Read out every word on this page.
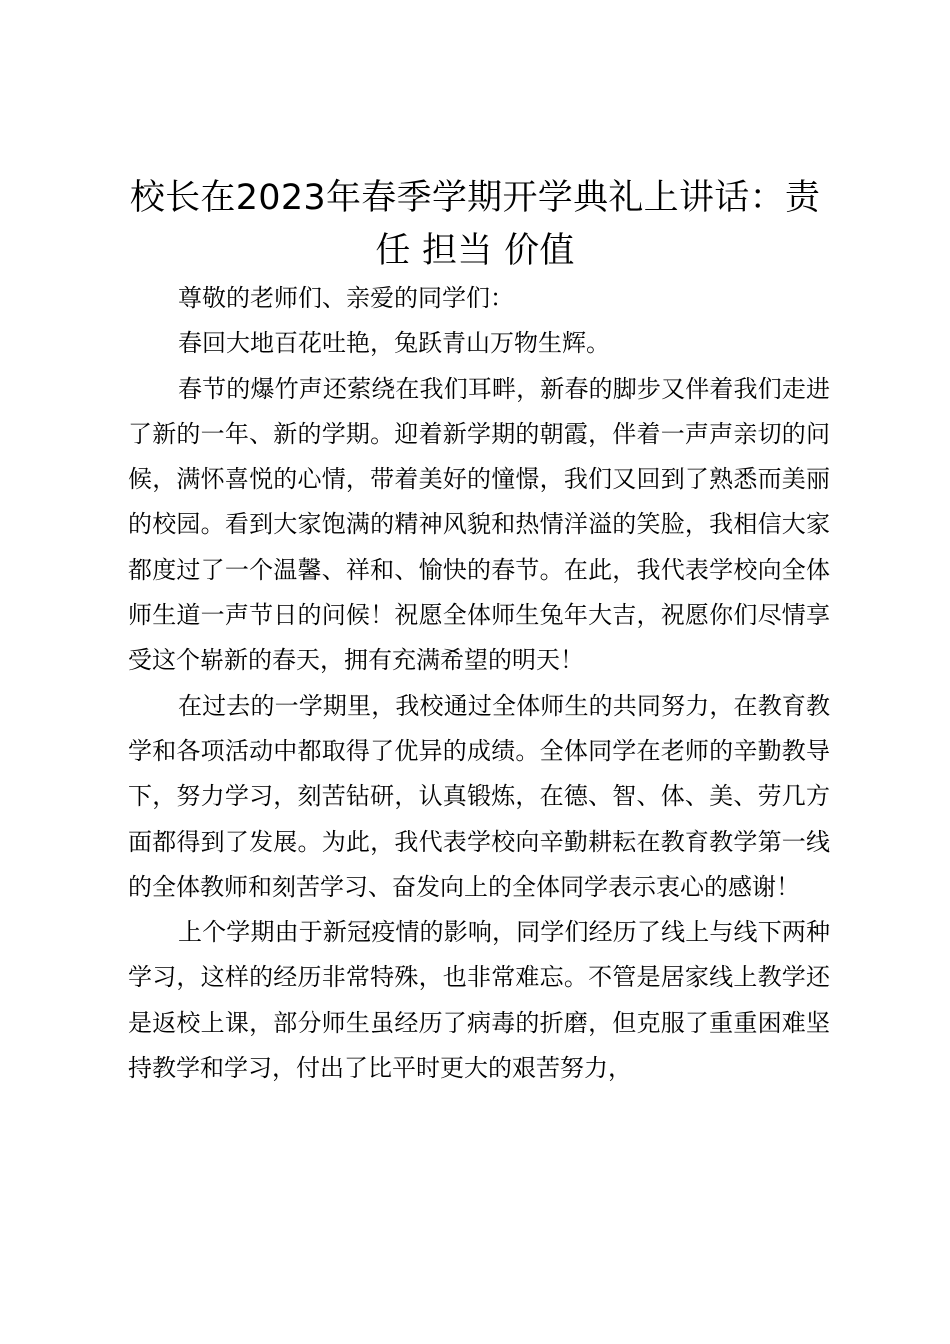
校长在2023年春季学期开学典礼上讲话：责任 担当 价值

尊敬的老师们、亲爱的同学们：

春回大地百花吐艳，兔跃青山万物生辉。

春节的爆竹声还萦绕在我们耳畔，新春的脚步又伴着我们走进了新的一年、新的学期。迎着新学期的朝霞，伴着一声声亲切的问候，满怀喜悦的心情，带着美好的憧憬，我们又回到了熟悉而美丽的校园。看到大家饱满的精神风貌和热情洋溢的笑脸，我相信大家都度过了一个温馨、祥和、愉快的春节。在此，我代表学校向全体师生道一声节日的问候！祝愿全体师生兔年大吉，祝愿你们尽情享受这个崭新的春天，拥有充满希望的明天！

在过去的一学期里，我校通过全体师生的共同努力，在教育教学和各项活动中都取得了优异的成绩。全体同学在老师的辛勤教导下，努力学习，刻苦钻研，认真锻炼，在德、智、体、美、劳几方面都得到了发展。为此，我代表学校向辛勤耕耘在教育教学第一线的全体教师和刻苦学习、奋发向上的全体同学表示衷心的感谢！

上个学期由于新冠疫情的影响，同学们经历了线上与线下两种学习，这样的经历非常特殊，也非常难忘。不管是居家线上教学还是返校上课，部分师生虽经历了病毒的折磨，但克服了重重困难坚持教学和学习，付出了比平时更大的艰苦努力，
